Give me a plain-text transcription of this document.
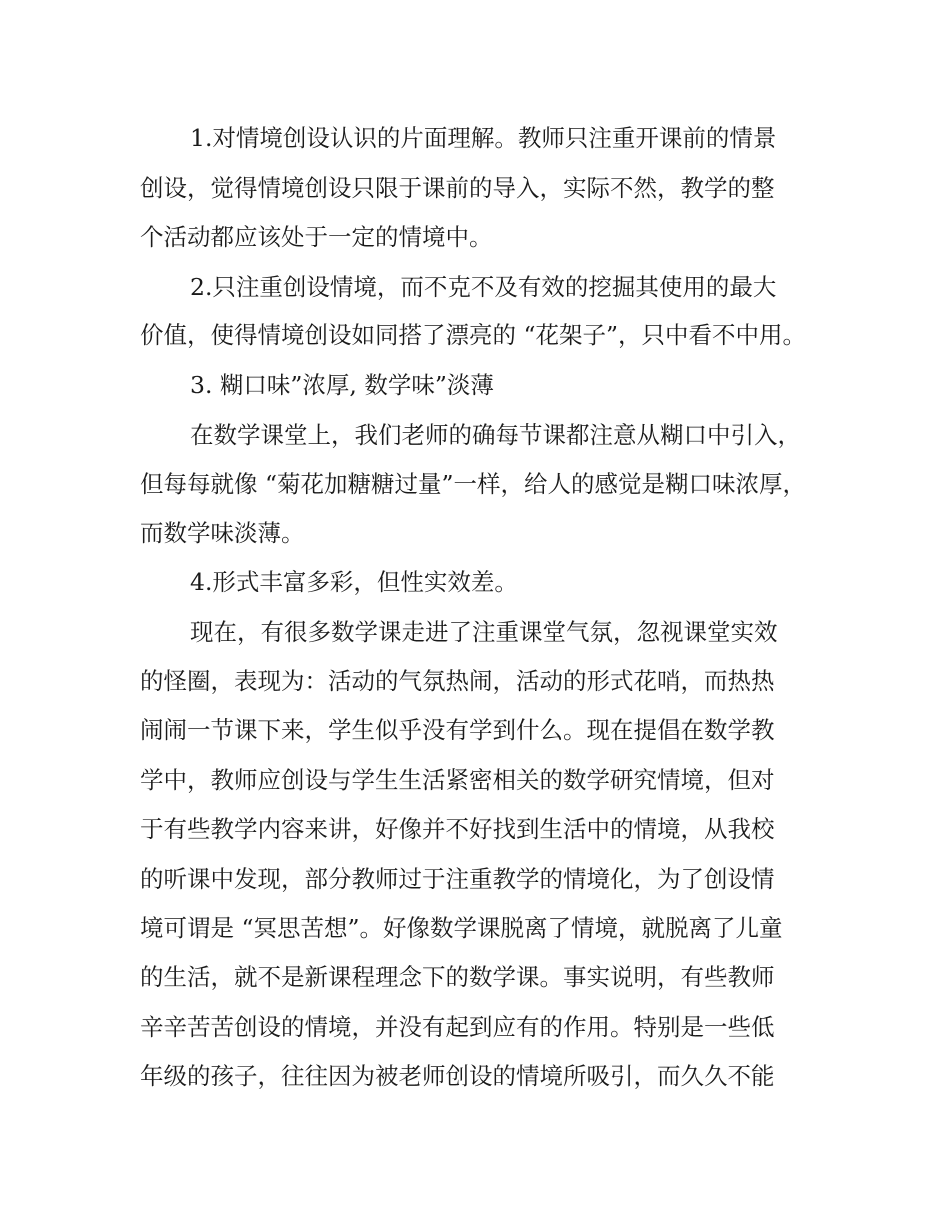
1.对情境创设认识的片面理解。教师只注重开课前的情景

创设，觉得情境创设只限于课前的导入，实际不然，教学的整

个活动都应该处于一定的情境中。

2.只注重创设情境，而不克不及有效的挖掘其使用的最大

价值，使得情境创设如同搭了漂亮的 “花架子”，只中看不中用。

3. 糊口味”浓厚, 数学味”淡薄

在数学课堂上，我们老师的确每节课都注意从糊口中引入，

但每每就像 “菊花加糖糖过量”一样，给人的感觉是糊口味浓厚，

而数学味淡薄。

4.形式丰富多彩，但性实效差。

现在，有很多数学课走进了注重课堂气氛，忽视课堂实效

的怪圈，表现为：活动的气氛热闹，活动的形式花哨，而热热

闹闹一节课下来，学生似乎没有学到什么。现在提倡在数学教

学中，教师应创设与学生生活紧密相关的数学研究情境，但对

于有些教学内容来讲，好像并不好找到生活中的情境，从我校

的听课中发现，部分教师过于注重教学的情境化，为了创设情

境可谓是 “冥思苦想”。好像数学课脱离了情境，就脱离了儿童

的生活，就不是新课程理念下的数学课。事实说明，有些教师

辛辛苦苦创设的情境，并没有起到应有的作用。特别是一些低

年级的孩子，往往因为被老师创设的情境所吸引，而久久不能
